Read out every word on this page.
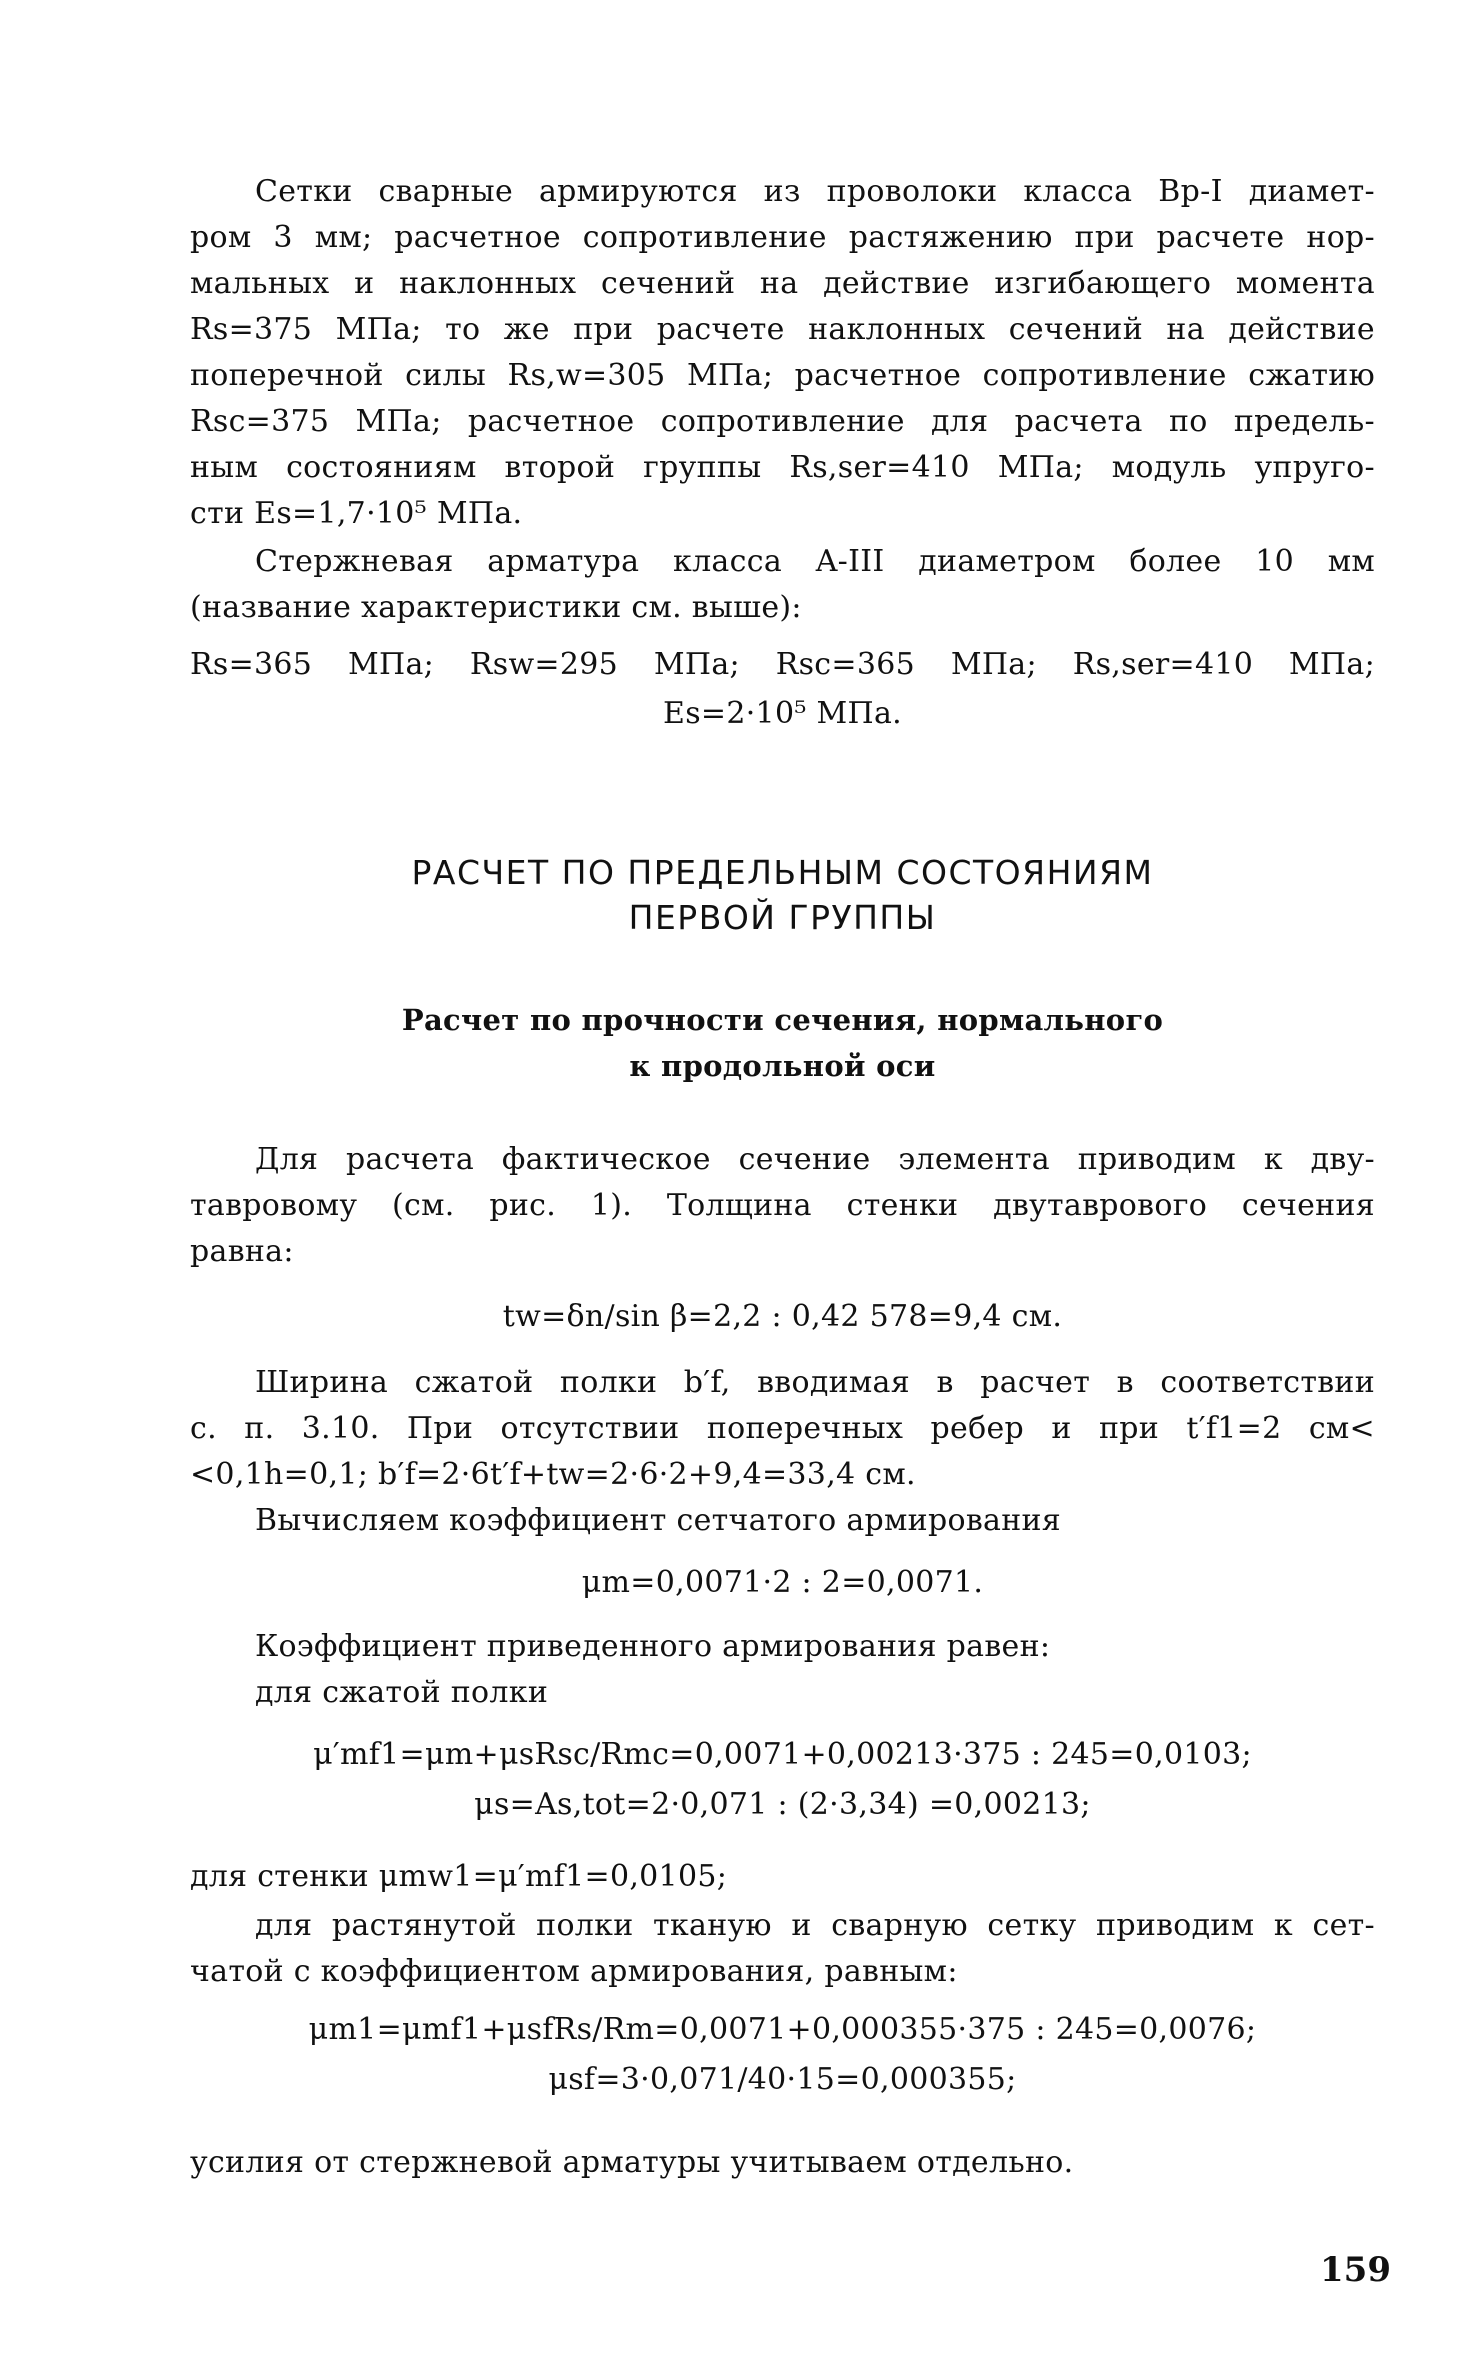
Сетки сварные армируются из проволоки класса Bp-I диамет-
ром 3 мм; расчетное сопротивление растяжению при расчете нор-
мальных и наклонных сечений на действие изгибающего момента
Rs=375 МПа; то же при расчете наклонных сечений на действие
поперечной силы Rs,w=305 МПа; расчетное сопротивление сжатию
Rsc=375 МПа; расчетное сопротивление для расчета по предель-
ным состояниям второй группы Rs,ser=410 МПа; модуль упруго-
сти Es=1,7·10⁵ МПа.
Стержневая арматура класса A-III диаметром более 10 мм
(название характеристики см. выше):
Rs=365 МПа; Rsw=295 МПа; Rsc=365 МПа; Rs,ser=410 МПа;
Es=2·10⁵ МПа.
РАСЧЕТ ПО ПРЕДЕЛЬНЫМ СОСТОЯНИЯМ
ПЕРВОЙ ГРУППЫ
Расчет по прочности сечения, нормального
к продольной оси
Для расчета фактическое сечение элемента приводим к дву-
тавровому (см. рис. 1). Толщина стенки двутаврового сечения
равна:
tw=δn/sin β=2,2 : 0,42 578=9,4 см.
Ширина сжатой полки b′f, вводимая в расчет в соответствии
с. п. 3.10. При отсутствии поперечных ребер и при t′f1=2 см<
<0,1h=0,1; b′f=2·6t′f+tw=2·6·2+9,4=33,4 см.
Вычисляем коэффициент сетчатого армирования
μm=0,0071·2 : 2=0,0071.
Коэффициент приведенного армирования равен:
для сжатой полки
μ′mf1=μm+μsRsc/Rmc=0,0071+0,00213·375 : 245=0,0103;
μs=As,tot=2·0,071 : (2·3,34) =0,00213;
для стенки μmw1=μ′mf1=0,0105;
для растянутой полки тканую и сварную сетку приводим к сет-
чатой с коэффициентом армирования, равным:
μm1=μmf1+μsfRs/Rm=0,0071+0,000355·375 : 245=0,0076;
μsf=3·0,071/40·15=0,000355;
усилия от стержневой арматуры учитываем отдельно.
159
